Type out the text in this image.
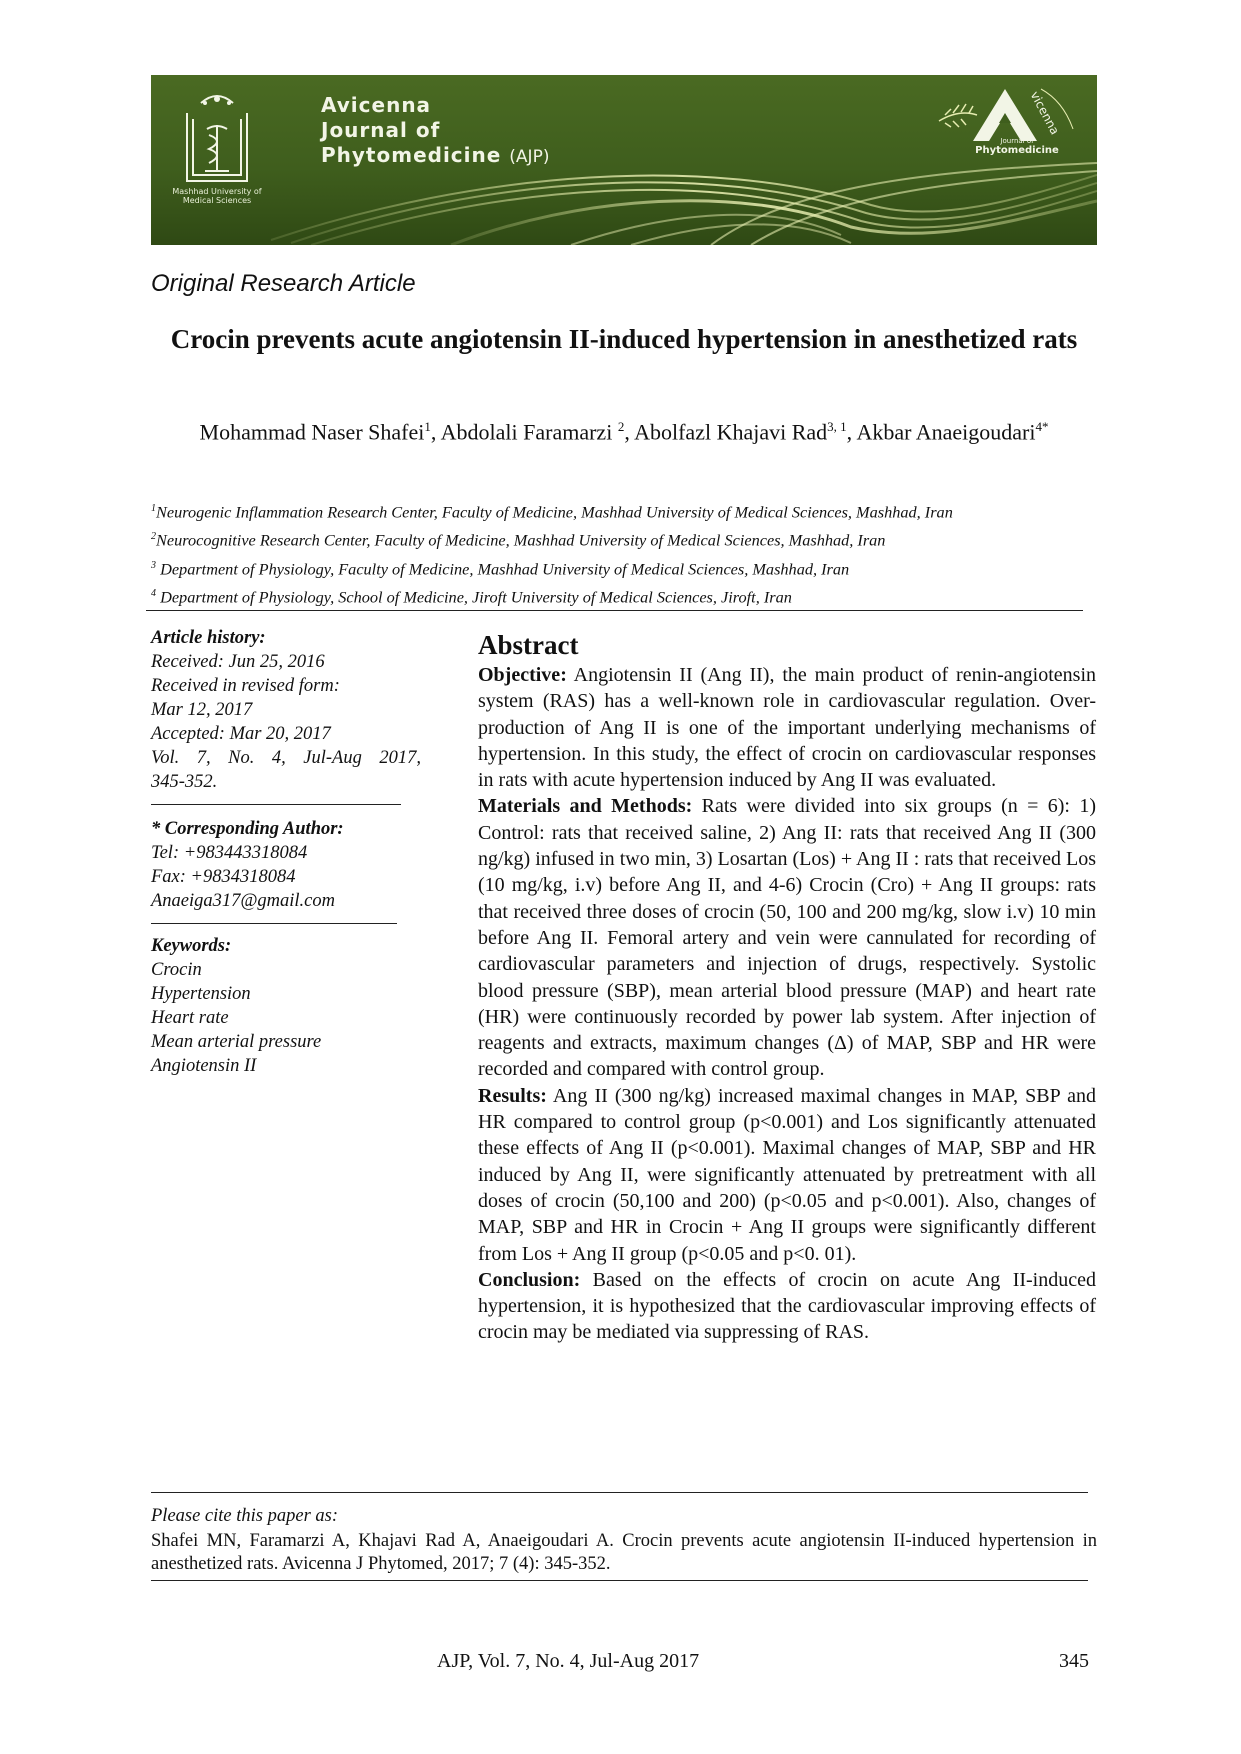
Mashhad University of Medical Sciences
Avicenna
Journal of
Phytomedicine (AJP)
vicenna
Journal of
Phytomedicine
Original Research Article
Crocin prevents acute angiotensin II-induced hypertension in anesthetized rats
Mohammad Naser Shafei$^1$, Abdolali Faramarzi $^2$, Abolfazl Khajavi Rad$^{3, 1}$, Akbar Anaeigoudari$^{4*}$
$^1$Neurogenic Inflammation Research Center, Faculty of Medicine, Mashhad University of Medical Sciences, Mashhad, Iran
$^2$Neurocognitive Research Center, Faculty of Medicine, Mashhad University of Medical Sciences, Mashhad, Iran
$^3$ Department of Physiology, Faculty of Medicine, Mashhad University of Medical Sciences, Mashhad, Iran
$^4$ Department of Physiology, School of Medicine, Jiroft University of Medical Sciences, Jiroft, Iran
Article history:
Received: Jun 25, 2016
Received in revised form:
Mar 12, 2017
Accepted: Mar 20, 2017
Vol. 7, No. 4, Jul-Aug 2017,
345-352.
* Corresponding Author:
Tel: +983443318084
Fax: +9834318084
Anaeiga317@gmail.com
Keywords:
Crocin
Hypertension
Heart rate
Mean arterial pressure
Angiotensin II
Abstract

Objective: Angiotensin II (Ang II), the main product of renin-angiotensin system (RAS) has a well-known role in cardiovascular regulation. Over-production of Ang II is one of the important underlying mechanisms of hypertension. In this study, the effect of crocin on cardiovascular responses in rats with acute hypertension induced by Ang II was evaluated.

Materials and Methods: Rats were divided into six groups (n = 6): 1) Control: rats that received saline, 2) Ang II: rats that received Ang II (300 ng/kg) infused in two min, 3) Losartan (Los) + Ang II : rats that received Los (10 mg/kg, i.v) before Ang II, and 4-6) Crocin (Cro) + Ang II groups: rats that received three doses of crocin (50, 100 and 200 mg/kg, slow i.v) 10 min before Ang II. Femoral artery and vein were cannulated for recording of cardiovascular parameters and injection of drugs, respectively. Systolic blood pressure (SBP), mean arterial blood pressure (MAP) and heart rate (HR) were continuously recorded by power lab system. After injection of reagents and extracts, maximum changes (Δ) of MAP, SBP and HR were recorded and compared with control group.

Results: Ang II (300 ng/kg) increased maximal changes in MAP, SBP and HR compared to control group (p<0.001) and Los significantly attenuated these effects of Ang II (p<0.001). Maximal changes of MAP, SBP and HR induced by Ang II, were significantly attenuated by pretreatment with all doses of crocin (50,100 and 200) (p<0.05 and p<0.001). Also, changes of MAP, SBP and HR in Crocin + Ang II groups were significantly different from Los + Ang II group (p<0.05 and p<0. 01).

Conclusion: Based on the effects of crocin on acute Ang II-induced hypertension, it is hypothesized that the cardiovascular improving effects of crocin may be mediated via suppressing of RAS.

Please cite this paper as:
Shafei MN, Faramarzi A, Khajavi Rad A, Anaeigoudari A. Crocin prevents acute angiotensin II-induced hypertension in anesthetized rats. Avicenna J Phytomed, 2017; 7 (4): 345-352.
AJP, Vol. 7, No. 4, Jul-Aug 2017	345
